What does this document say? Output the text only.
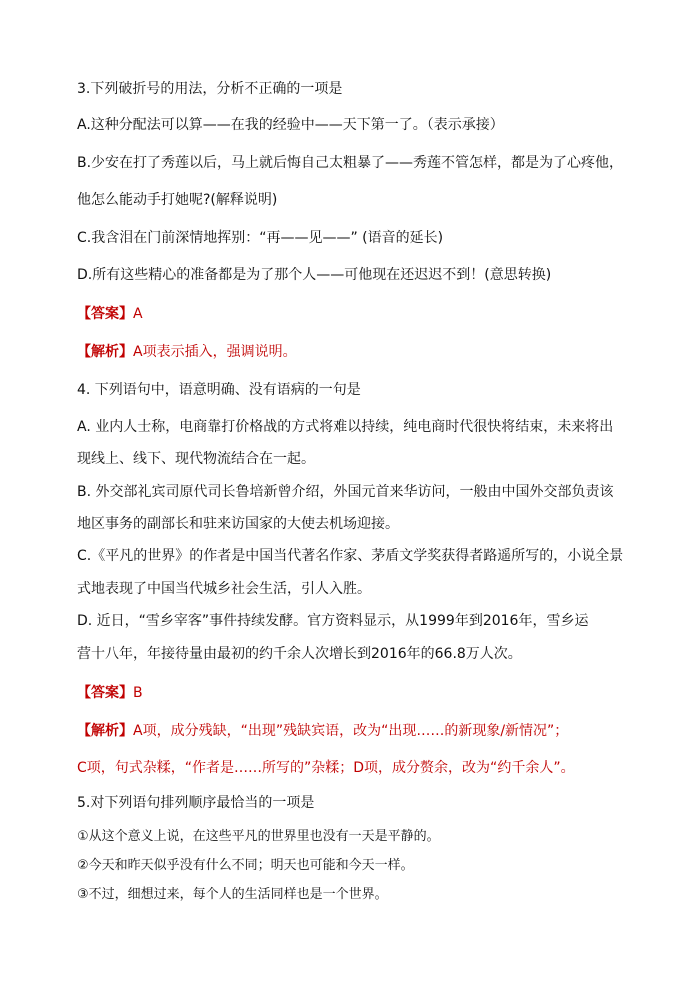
3.下列破折号的用法，分析不正确的一项是
A.这种分配法可以算——在我的经验中——天下第一了。（表示承接）
B.少安在打了秀莲以后，马上就后悔自己太粗暴了——秀莲不管怎样，都是为了心疼他，
他怎么能动手打她呢?(解释说明)
C.我含泪在门前深情地挥别：“再——见——” (语音的延长)
D.所有这些精心的准备都是为了那个人——可他现在还迟迟不到！(意思转换)
【答案】A
【解析】A项表示插入，强调说明。
4. 下列语句中，语意明确、没有语病的一句是
A. 业内人士称，电商靠打价格战的方式将难以持续，纯电商时代很快将结束，未来将出
现线上、线下、现代物流结合在一起。
B. 外交部礼宾司原代司长鲁培新曾介绍，外国元首来华访问，一般由中国外交部负责该
地区事务的副部长和驻来访国家的大使去机场迎接。
C.《平凡的世界》的作者是中国当代著名作家、茅盾文学奖获得者路遥所写的，小说全景
式地表现了中国当代城乡社会生活，引人入胜。
D. 近日，“雪乡宰客”事件持续发酵。官方资料显示，从1999年到2016年，雪乡运
营十八年，年接待量由最初的约千余人次增长到2016年的66.8万人次。
【答案】B
【解析】A项，成分残缺，“出现”残缺宾语，改为“出现……的新现象/新情况”；
C项，句式杂糅，“作者是……所写的”杂糅；D项，成分赘余，改为“约千余人”。
5.对下列语句排列顺序最恰当的一项是
①从这个意义上说，在这些平凡的世界里也没有一天是平静的。
②今天和昨天似乎没有什么不同；明天也可能和今天一样。
③不过，细想过来，每个人的生活同样也是一个世界。
